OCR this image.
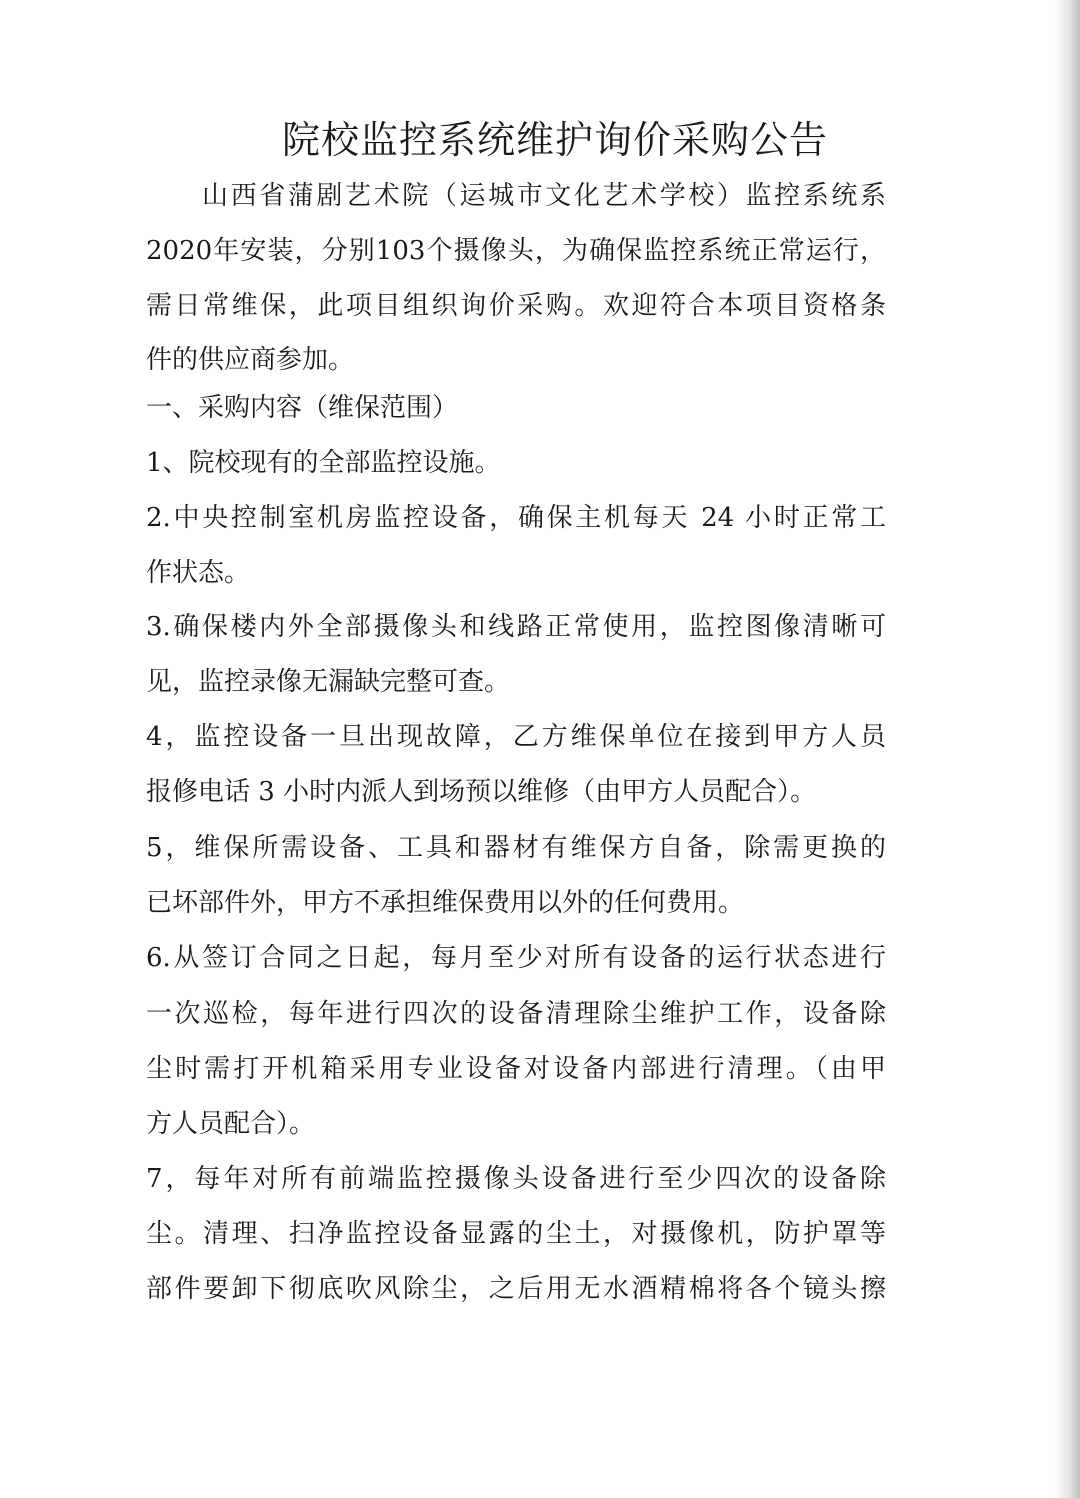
院校监控系统维护询价采购公告
山西省蒲剧艺术院（运城市文化艺术学校）监控系统系
2020年安装，分别103个摄像头，为确保监控系统正常运行，
需日常维保，此项目组织询价采购。欢迎符合本项目资格条
件的供应商参加。
一、采购内容（维保范围）
1、院校现有的全部监控设施。
2.中央控制室机房监控设备，确保主机每天 24 小时正常工
作状态。
3.确保楼内外全部摄像头和线路正常使用，监控图像清晰可
见，监控录像无漏缺完整可查。
4，监控设备一旦出现故障，乙方维保单位在接到甲方人员
报修电话 3 小时内派人到场预以维修（由甲方人员配合）。
5，维保所需设备、工具和器材有维保方自备，除需更换的
已坏部件外，甲方不承担维保费用以外的任何费用。
6.从签订合同之日起，每月至少对所有设备的运行状态进行
一次巡检，每年进行四次的设备清理除尘维护工作，设备除
尘时需打开机箱采用专业设备对设备内部进行清理。（由甲
方人员配合）。
7，每年对所有前端监控摄像头设备进行至少四次的设备除
尘。清理、扫净监控设备显露的尘土，对摄像机，防护罩等
部件要卸下彻底吹风除尘，之后用无水酒精棉将各个镜头擦
